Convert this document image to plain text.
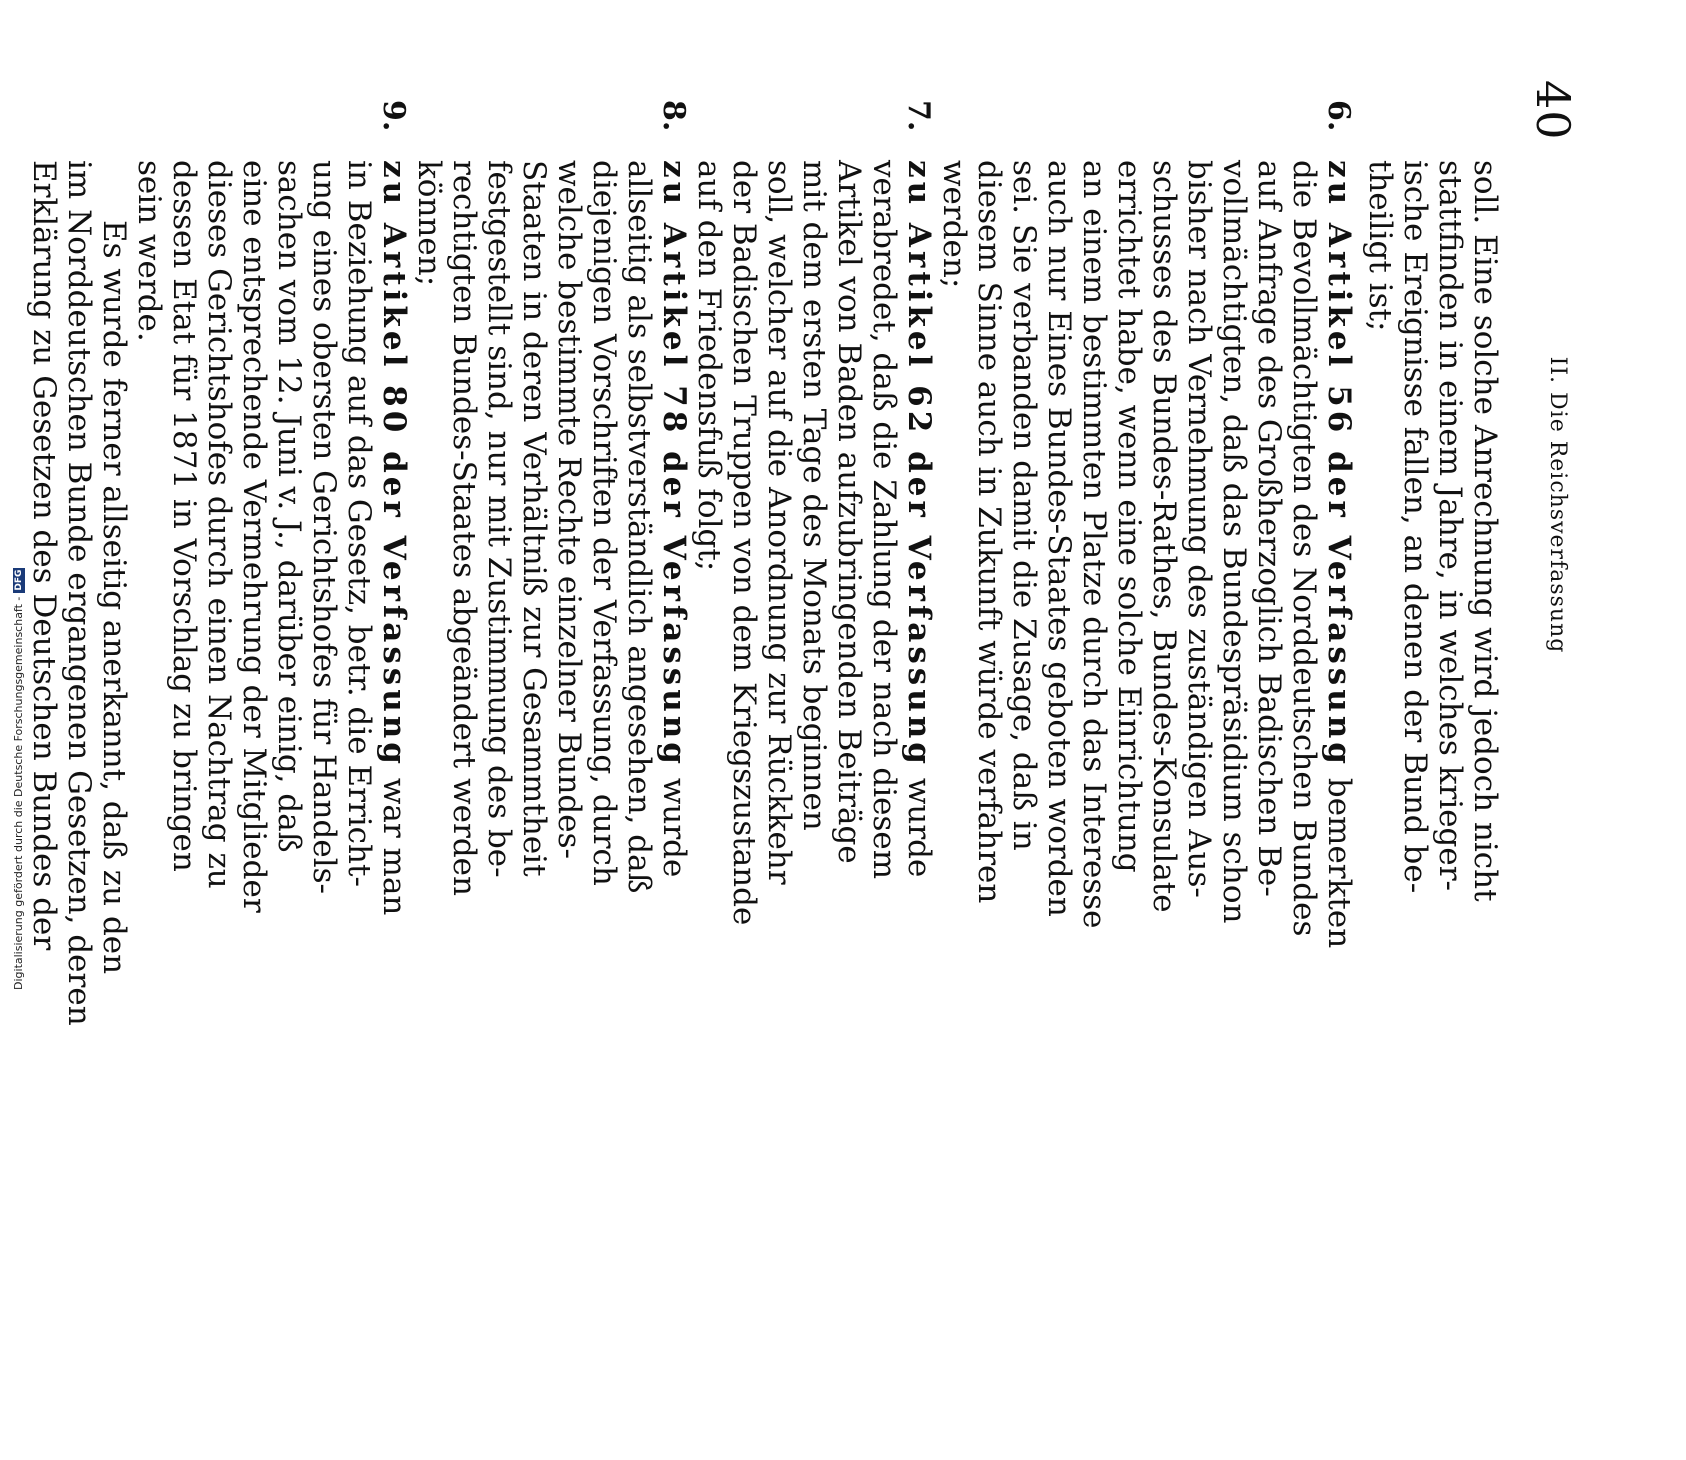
40
II. Die Reichsverfassung
soll. Eine solche Anrechnung wird jedoch nicht
stattfinden in einem Jahre, in welches krieger-
ische Ereignisse fallen, an denen der Bund be-
theiligt ist;
6.
zu Artikel 56 der Verfassung bemerkten
die Bevollmächtigten des Norddeutschen Bundes
auf Anfrage des Großherzoglich Badischen Be-
vollmächtigten, daß das Bundespräsidium schon
bisher nach Vernehmung des zuständigen Aus-
schusses des Bundes-Rathes, Bundes-Konsulate
errichtet habe, wenn eine solche Einrichtung
an einem bestimmten Platze durch das Interesse
auch nur Eines Bundes-Staates geboten worden
sei. Sie verbanden damit die Zusage, daß in
diesem Sinne auch in Zukunft würde verfahren
werden;
7.
zu Artikel 62 der Verfassung wurde
verabredet, daß die Zahlung der nach diesem
Artikel von Baden aufzubringenden Beiträge
mit dem ersten Tage des Monats beginnen
soll, welcher auf die Anordnung zur Rückkehr
der Badischen Truppen von dem Kriegszustande
auf den Friedensfuß folgt;
8.
zu Artikel 78 der Verfassung wurde
allseitig als selbstverständlich angesehen, daß
diejenigen Vorschriften der Verfassung, durch
welche bestimmte Rechte einzelner Bundes-
Staaten in deren Verhältniß zur Gesammtheit
festgestellt sind, nur mit Zustimmung des be-
rechtigten Bundes-Staates abgeändert werden
können;
9.
zu Artikel 80 der Verfassung war man
in Beziehung auf das Gesetz, betr. die Erricht-
ung eines obersten Gerichtshofes für Handels-
sachen vom 12. Juni v. J., darüber einig, daß
eine entsprechende Vermehrung der Mitglieder
dieses Gerichtshofes durch einen Nachtrag zu
dessen Etat für 1871 in Vorschlag zu bringen
sein werde.
Es wurde ferner allseitig anerkannt, daß zu den
im Norddeutschen Bunde ergangenen Gesetzen, deren
Erklärung zu Gesetzen des Deutschen Bundes der
Digitalisierung gefördert durch die Deutsche Forschungsgemeinschaft -DFG
